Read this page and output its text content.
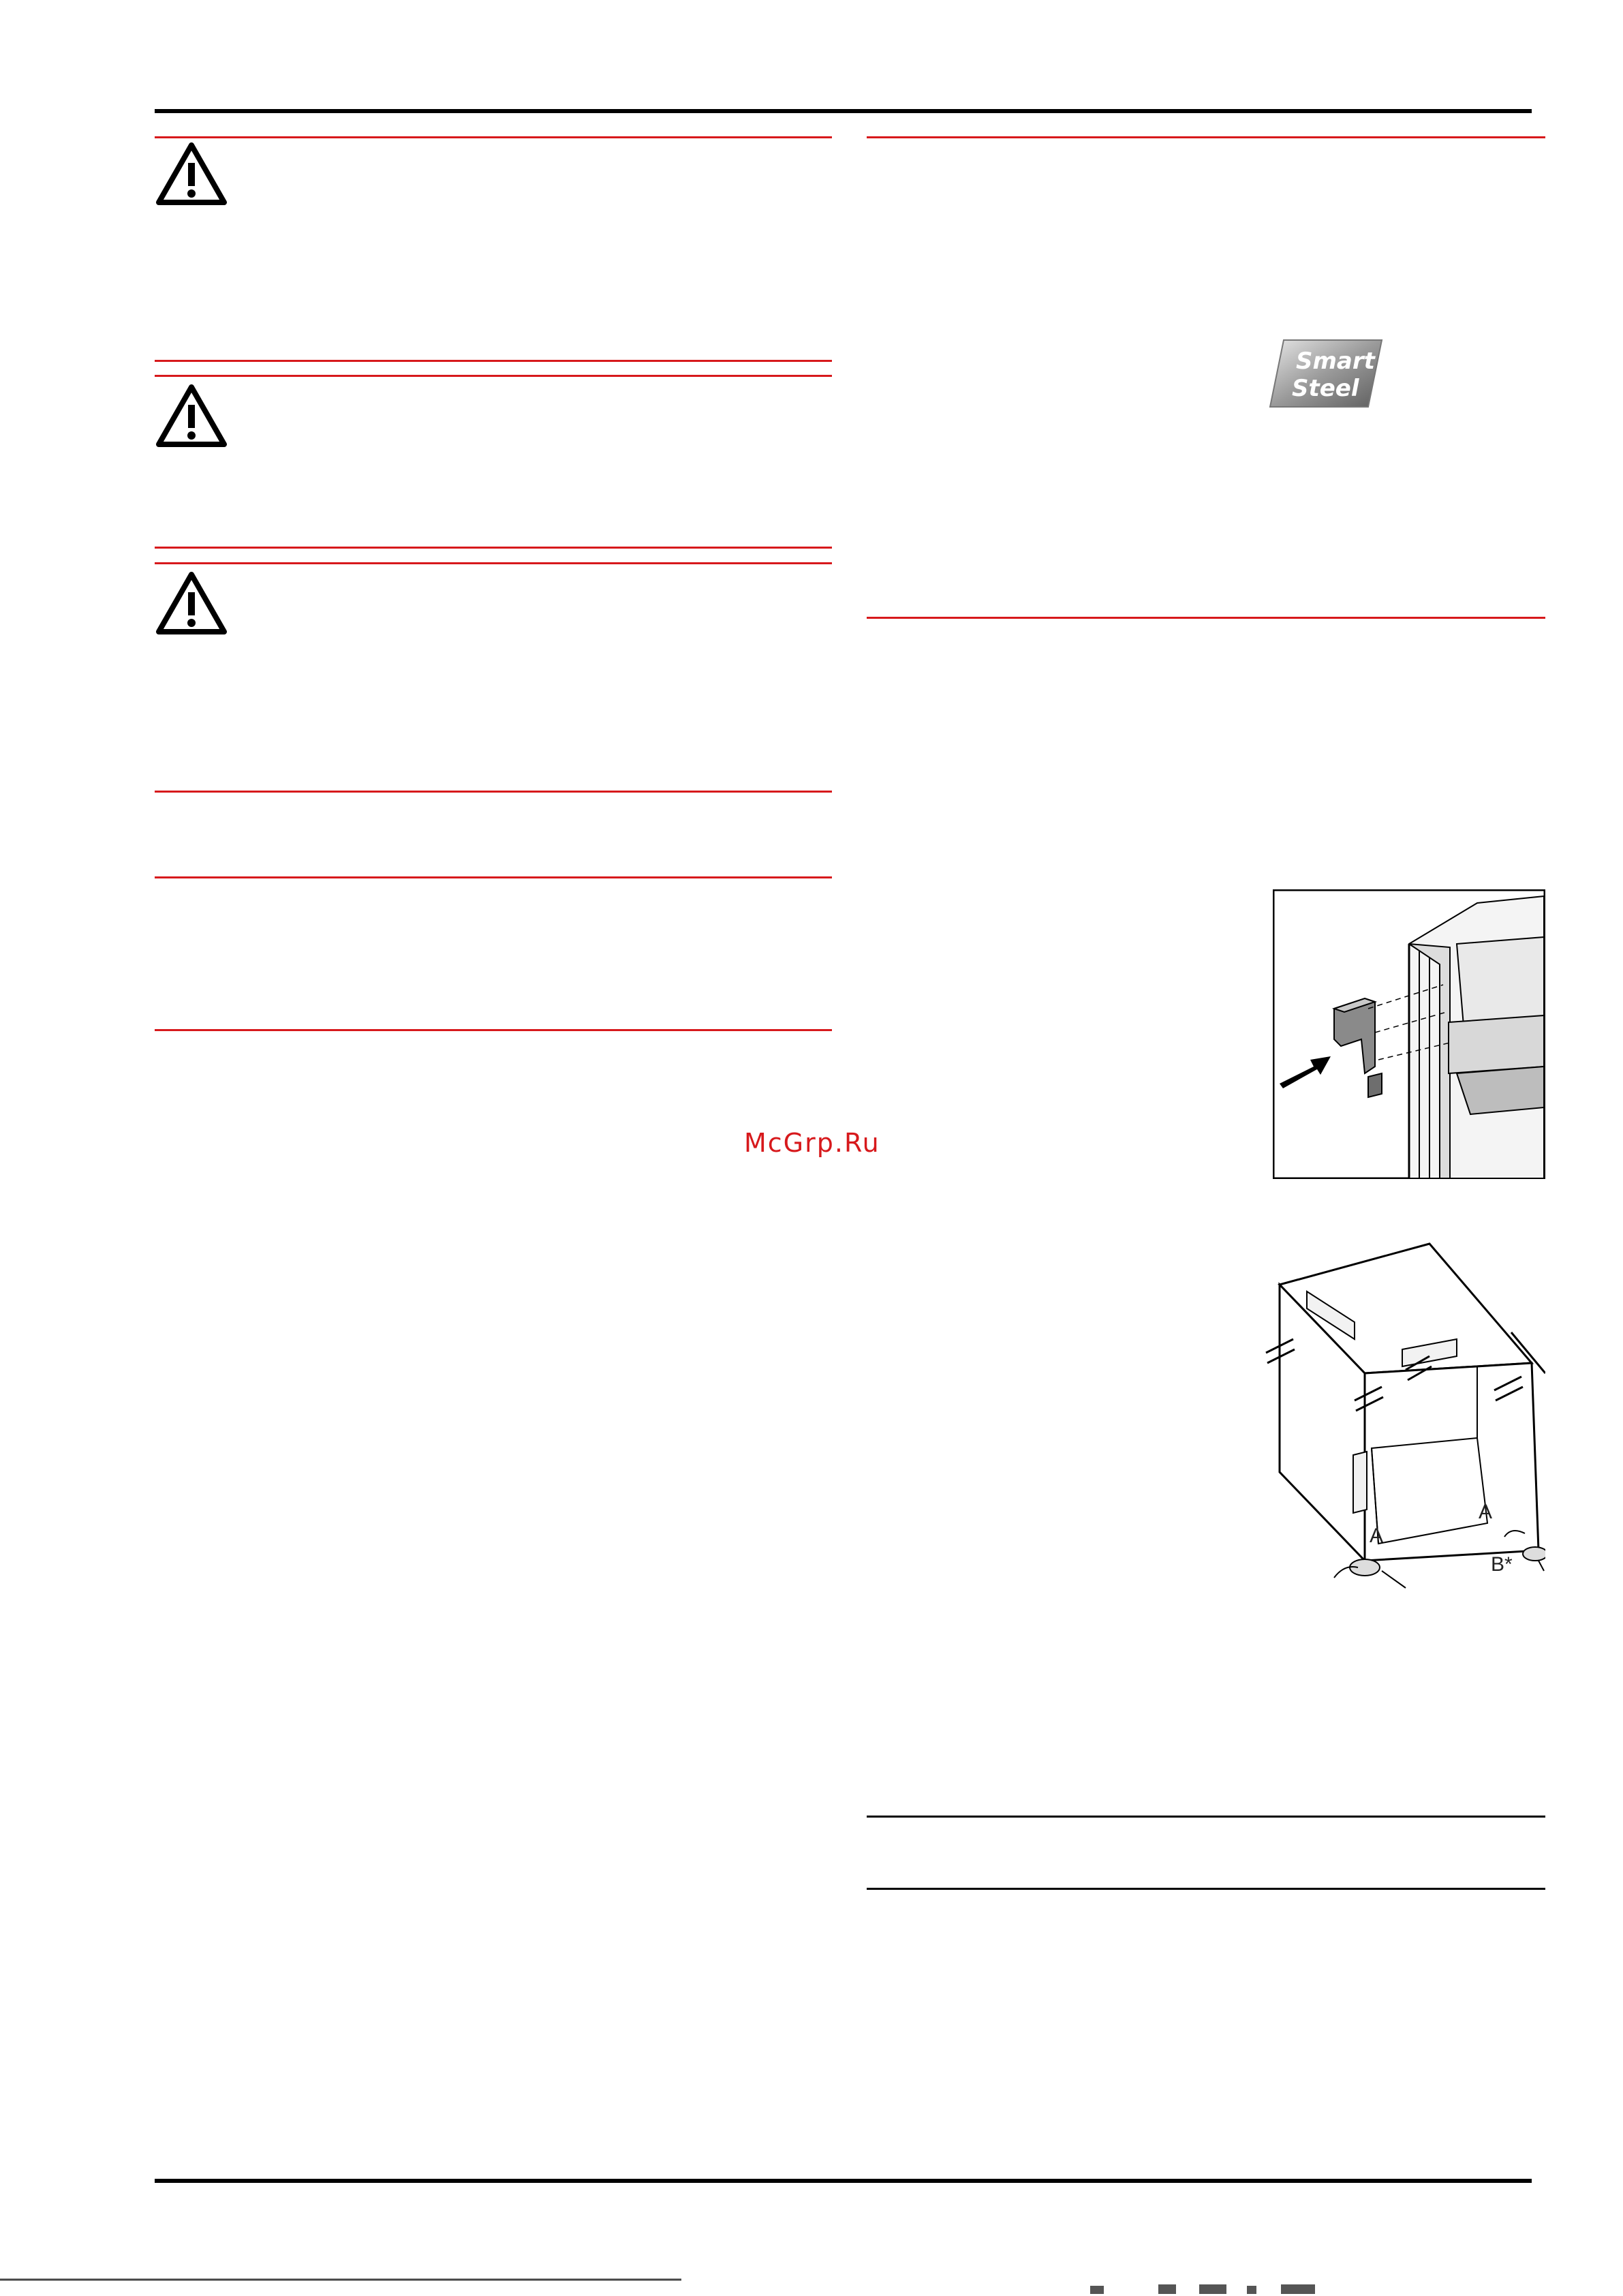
McGrp.Ru
Smart
Steel
A
A
B*
